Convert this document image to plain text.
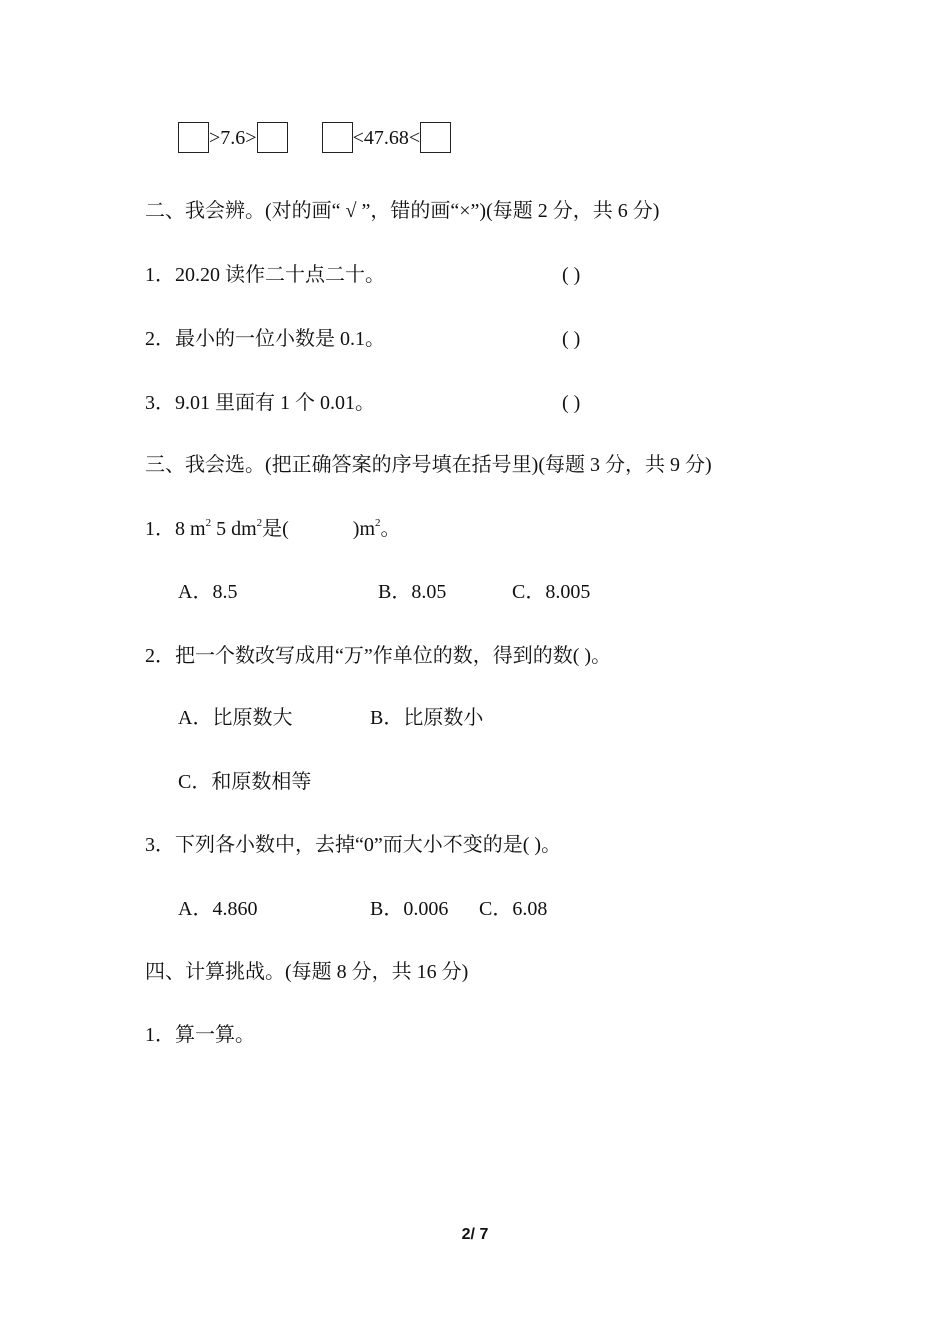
>7.6>	<47.68<
二、我会辨。(对的画“ √ ”，错的画“×”)(每题 2 分，共 6 分)
1．20.20 读作二十点二十。	( )
2．最小的一位小数是 0.1。	( )
3．9.01 里面有 1 个 0.01。	( )
三、我会选。(把正确答案的序号填在括号里)(每题 3 分，共 9 分)
1．8 $m^2$ 5 $dm^2$是(	)$m^2$。
A．8.5	B．8.05	C．8.005
2．把一个数改写成用“万”作单位的数，得到的数( )。
A．比原数大	B．比原数小
C．和原数相等
3．下列各小数中，去掉“0”而大小不变的是( )。
A．4.860	B．0.006 C．6.08
四、计算挑战。(每题 8 分，共 16 分)
1．算一算。
2/ 7
